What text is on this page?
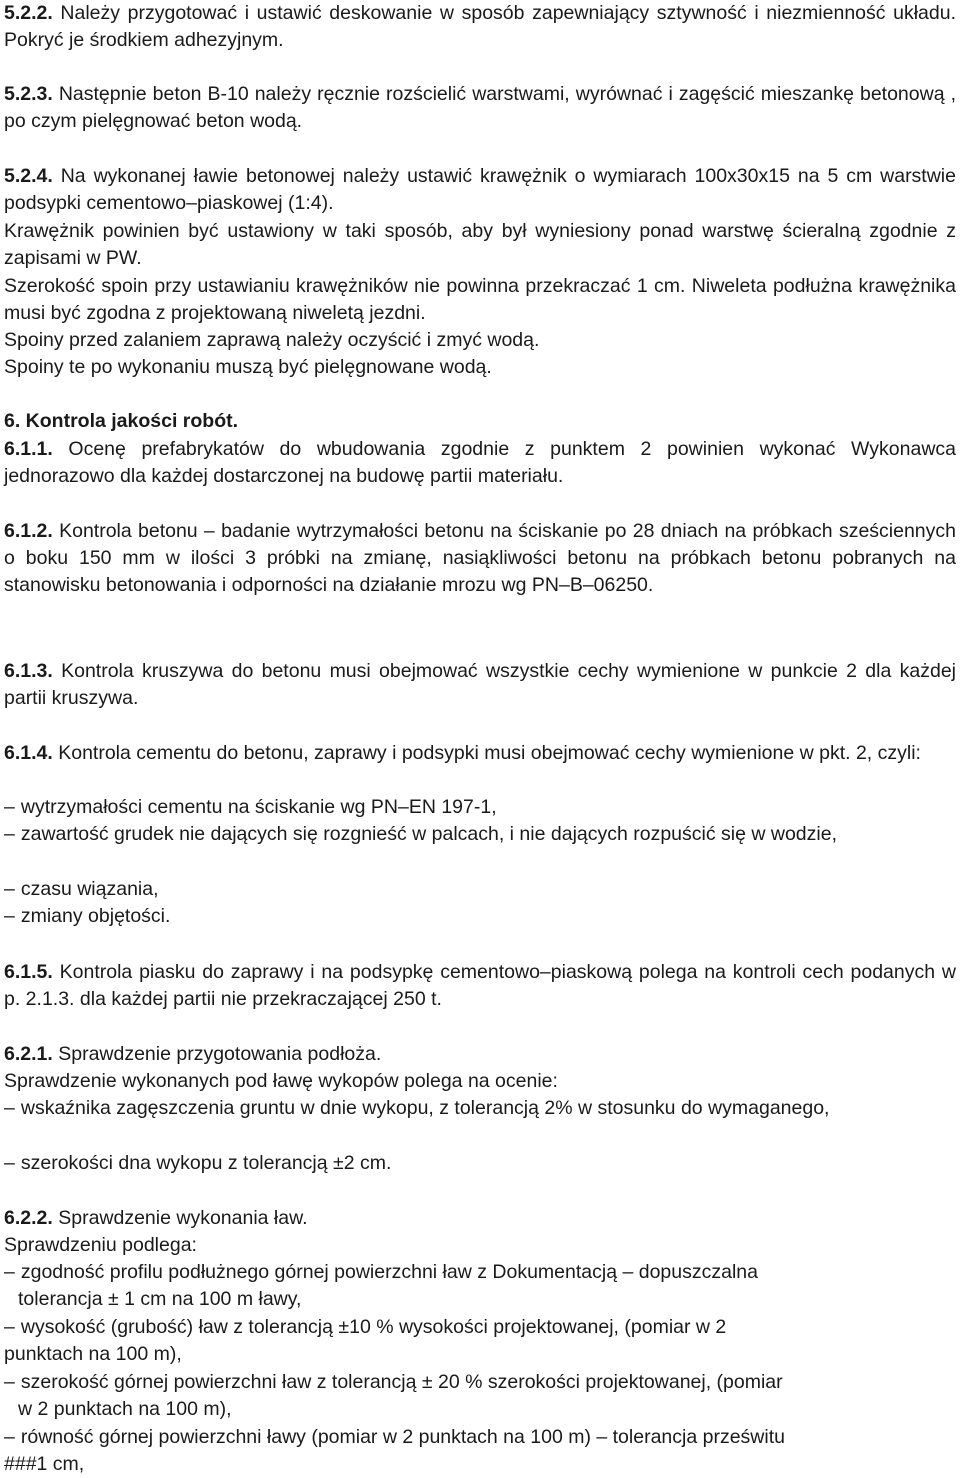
5.2.2. Należy przygotować i ustawić deskowanie w sposób zapewniający sztywność i niezmienność układu. Pokryć je środkiem adhezyjnym.

5.2.3. Następnie beton B-10 należy ręcznie rozścielić warstwami, wyrównać i zagęścić mieszankę betonową , po czym pielęgnować beton wodą.

5.2.4. Na wykonanej ławie betonowej należy ustawić krawężnik o wymiarach 100x30x15 na 5 cm warstwie podsypki cementowo–piaskowej (1:4).

Krawężnik powinien być ustawiony w taki sposób, aby był wyniesiony ponad warstwę ścieralną zgodnie z zapisami w PW.

Szerokość spoin przy ustawianiu krawężników nie powinna przekraczać 1 cm. Niweleta podłużna krawężnika musi być zgodna z projektowaną niweletą jezdni.

Spoiny przed zalaniem zaprawą należy oczyścić i zmyć wodą.

Spoiny te po wykonaniu muszą być pielęgnowane wodą.

6. Kontrola jakości robót.

6.1.1. Ocenę prefabrykatów do wbudowania zgodnie z punktem 2 powinien wykonać Wykonawca jednorazowo dla każdej dostarczonej na budowę partii materiału.

6.1.2. Kontrola betonu – badanie wytrzymałości betonu na ściskanie po 28 dniach na próbkach sześciennych o boku 150 mm w ilości 3 próbki na zmianę, nasiąkliwości betonu na próbkach betonu pobranych na stanowisku betonowania i odporności na działanie mrozu wg PN–B–06250.

6.1.3. Kontrola kruszywa do betonu musi obejmować wszystkie cechy wymienione w punkcie 2 dla każdej partii kruszywa.

6.1.4. Kontrola cementu do betonu, zaprawy i podsypki musi obejmować cechy wymienione w pkt. 2, czyli:

– wytrzymałości cementu na ściskanie wg PN–EN 197-1,

– zawartość grudek nie dających się rozgnieść w palcach, i nie dających rozpuścić się w wodzie,

– czasu wiązania,

– zmiany objętości.

6.1.5. Kontrola piasku do zaprawy i na podsypkę cementowo–piaskową polega na kontroli cech podanych w p. 2.1.3. dla każdej partii nie przekraczającej 250 t.

6.2.1. Sprawdzenie przygotowania podłoża.

Sprawdzenie wykonanych pod ławę wykopów polega na ocenie:

– wskaźnika zagęszczenia gruntu w dnie wykopu, z tolerancją 2% w stosunku do wymaganego,

– szerokości dna wykopu z tolerancją ±2 cm.

6.2.2. Sprawdzenie wykonania ław.

Sprawdzeniu podlega:

– zgodność profilu podłużnego górnej powierzchni ław z Dokumentacją – dopuszczalna
tolerancja ± 1 cm na 100 m ławy,

– wysokość (grubość) ław z tolerancją ±10 % wysokości projektowanej, (pomiar w 2
punktach na 100 m),

– szerokość górnej powierzchni ław z tolerancją ± 20 % szerokości projektowanej, (pomiar
w 2 punktach na 100 m),

– równość górnej powierzchni ławy (pomiar w 2 punktach na 100 m) – tolerancja prześwitu
###1 cm,
